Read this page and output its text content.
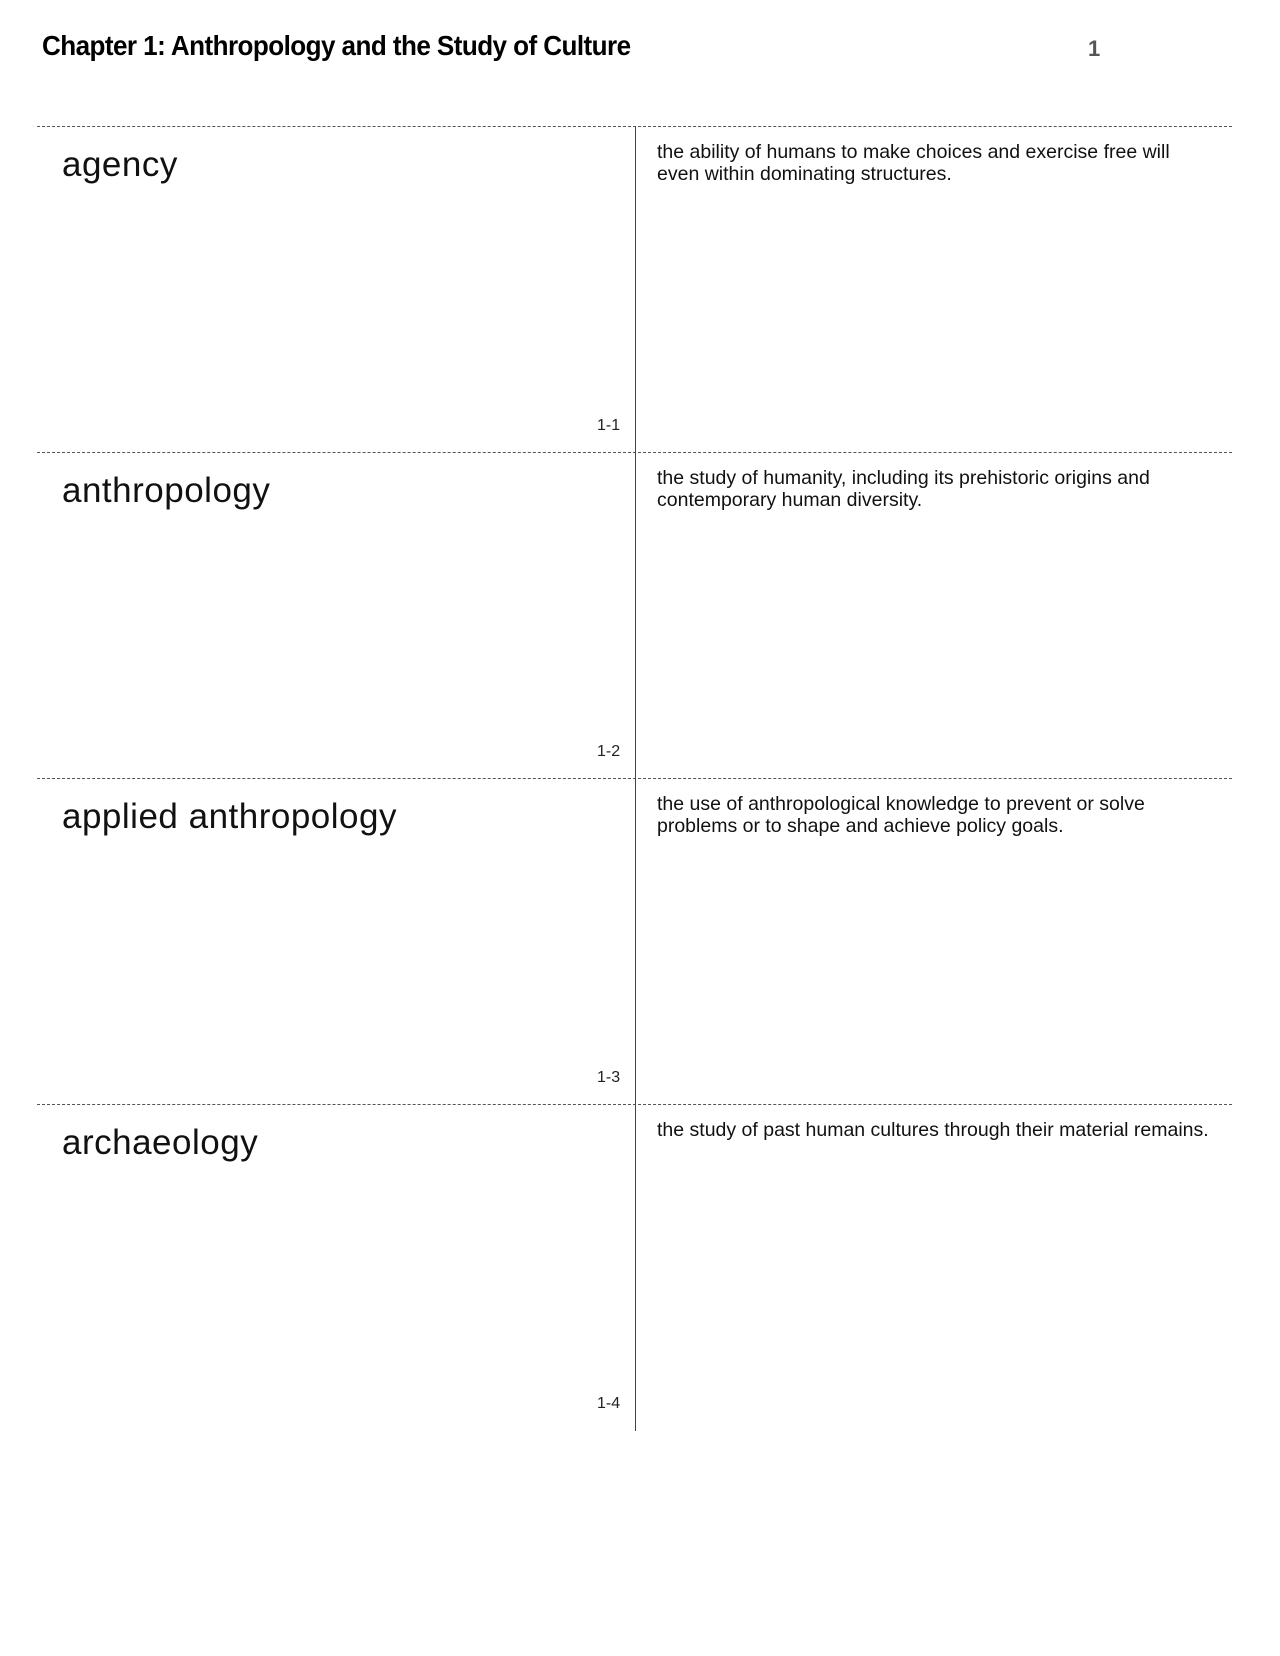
Chapter 1: Anthropology and the Study of Culture	1
agency
1-1
the ability of humans to make choices and exercise free will even within dominating structures.
anthropology
1-2
the study of humanity, including its prehistoric origins and contemporary human diversity.
applied anthropology
1-3
the use of anthropological knowledge to prevent or solve problems or to shape and achieve policy goals.
archaeology
1-4
the study of past human cultures through their material remains.
